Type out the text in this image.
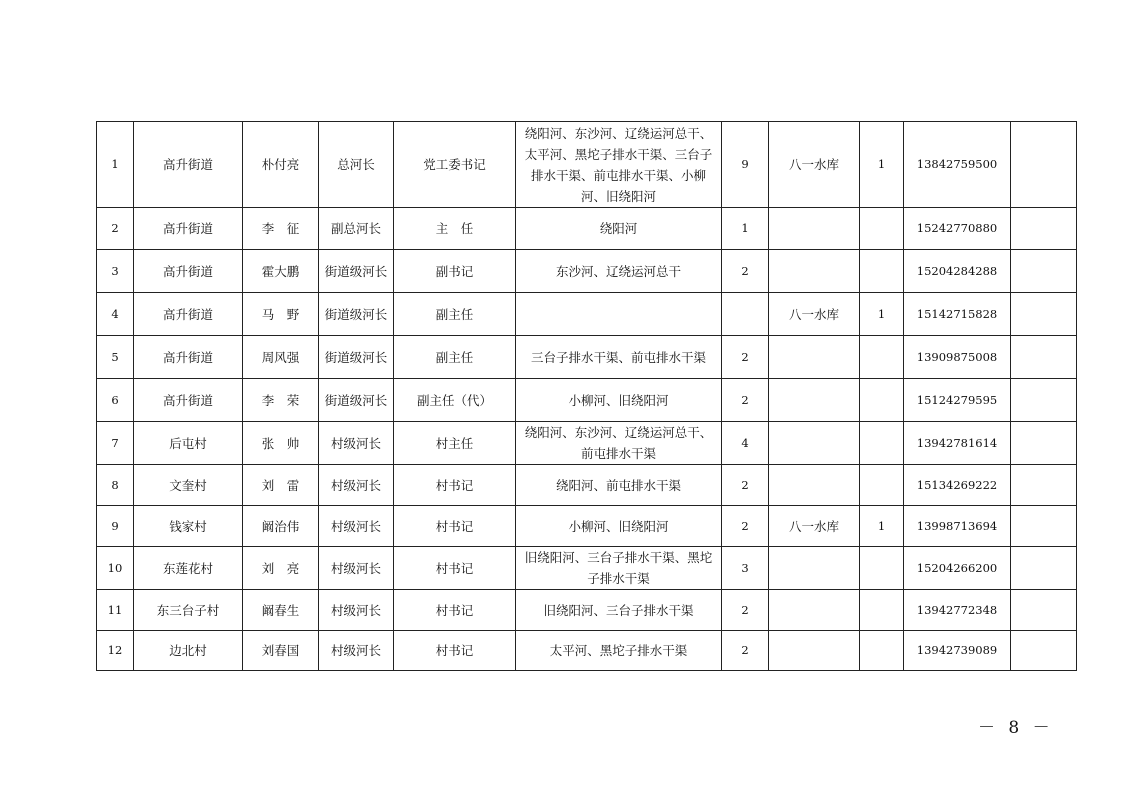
1	高升街道	朴付亮	总河长	党工委书记	绕阳河、东沙河、辽绕运河总干、太平河、黑坨子排水干渠、三台子排水干渠、前屯排水干渠、小柳河、旧绕阳河	9	八一水库	1	13842759500	
2	高升街道	李　征	副总河长	主　任	绕阳河	1			15242770880	
3	高升街道	霍大鹏	街道级河长	副书记	东沙河、辽绕运河总干	2			15204284288	
4	高升街道	马　野	街道级河长	副主任			八一水库	1	15142715828	
5	高升街道	周风强	街道级河长	副主任	三台子排水干渠、前屯排水干渠	2			13909875008	
6	高升街道	李　荣	街道级河长	副主任（代）	小柳河、旧绕阳河	2			15124279595	
7	后屯村	张　帅	村级河长	村主任	绕阳河、东沙河、辽绕运河总干、前屯排水干渠	4			13942781614	
8	文奎村	刘　雷	村级河长	村书记	绕阳河、前屯排水干渠	2			15134269222	
9	钱家村	阚治伟	村级河长	村书记	小柳河、旧绕阳河	2	八一水库	1	13998713694	
10	东莲花村	刘　亮	村级河长	村书记	旧绕阳河、三台子排水干渠、黑坨子排水干渠	3			15204266200	
11	东三台子村	阚春生	村级河长	村书记	旧绕阳河、三台子排水干渠	2			13942772348	
12	边北村	刘春国	村级河长	村书记	太平河、黑坨子排水干渠	2			13942739089	
－ 8 －
